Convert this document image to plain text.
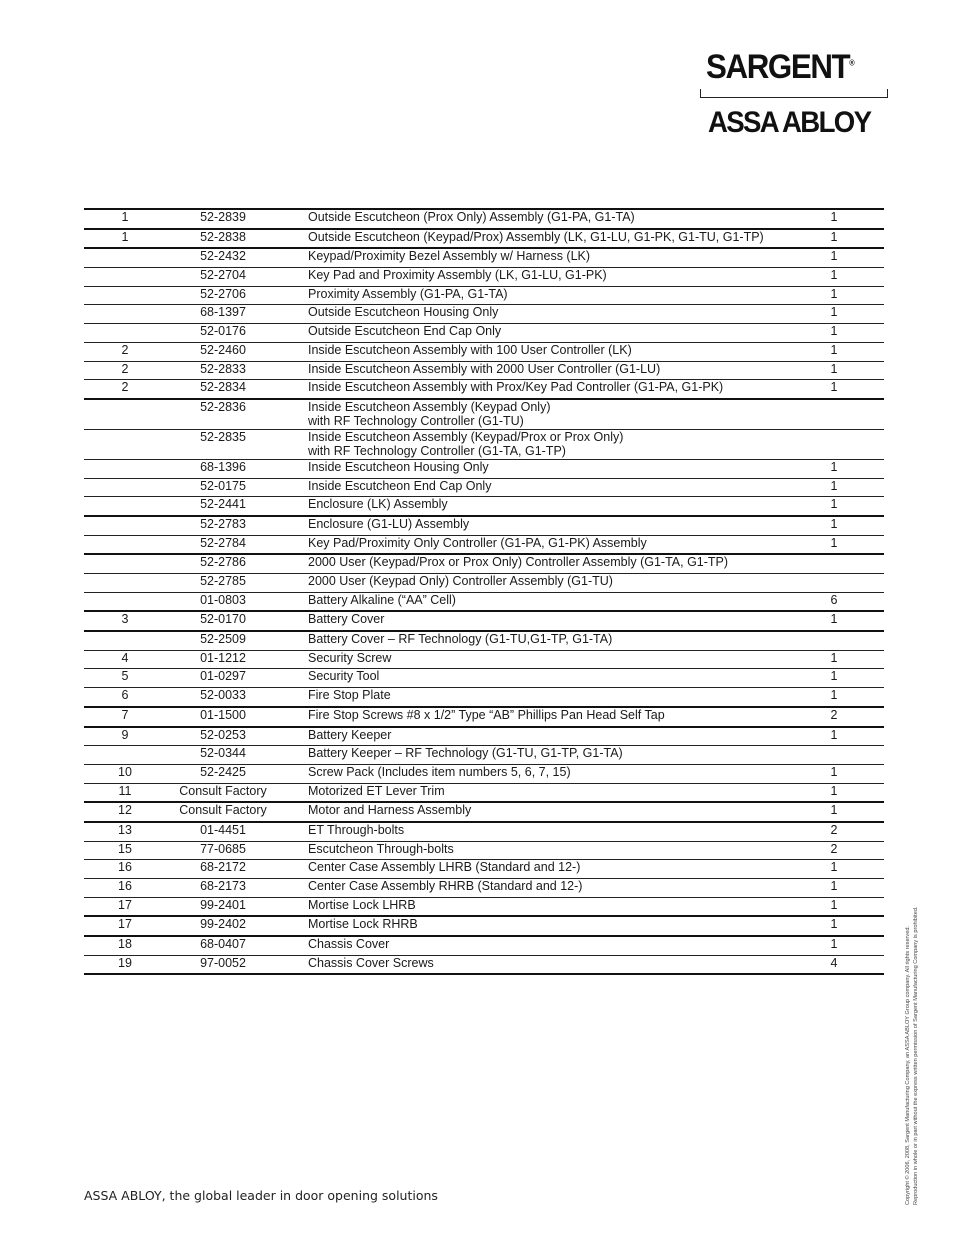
SARGENT®
ASSA ABLOY
1	52-2839	Outside Escutcheon (Prox Only) Assembly (G1-PA, G1-TA)	1
1	52-2838	Outside Escutcheon (Keypad/Prox) Assembly (LK, G1-LU, G1-PK, G1-TU, G1-TP)	1
	52-2432	Keypad/Proximity Bezel Assembly w/ Harness (LK)	1
	52-2704	Key Pad and Proximity Assembly (LK, G1-LU, G1-PK)	1
	52-2706	Proximity Assembly (G1-PA, G1-TA)	1
	68-1397	Outside Escutcheon Housing Only	1
	52-0176	Outside Escutcheon End Cap Only	1
2	52-2460	Inside Escutcheon Assembly with 100 User Controller (LK)	1
2	52-2833	Inside Escutcheon Assembly with 2000 User Controller (G1-LU)	1
2	52-2834	Inside Escutcheon Assembly with Prox/Key Pad Controller (G1-PA, G1-PK)	1
	52-2836	Inside Escutcheon Assembly (Keypad Only)
with RF Technology Controller (G1-TU)	

	52-2835	Inside Escutcheon Assembly (Keypad/Prox or Prox Only)
with RF Technology Controller (G1-TA, G1-TP)	

	68-1396	Inside Escutcheon Housing Only	1
	52-0175	Inside Escutcheon End Cap Only	1
	52-2441	Enclosure (LK) Assembly	1
	52-2783	Enclosure (G1-LU) Assembly	1
	52-2784	Key Pad/Proximity Only Controller (G1-PA, G1-PK) Assembly	1
	52-2786	2000 User (Keypad/Prox or Prox Only) Controller Assembly (G1-TA, G1-TP)	

	52-2785	2000 User (Keypad Only) Controller Assembly (G1-TU)	

	01-0803	Battery Alkaline (“AA” Cell)	6
3	52-0170	Battery Cover	1
	52-2509	Battery Cover – RF Technology (G1-TU,G1-TP, G1-TA)	

4	01-1212	Security Screw	1
5	01-0297	Security Tool	1
6	52-0033	Fire Stop Plate	1
7	01-1500	Fire Stop Screws #8 x 1/2” Type “AB” Phillips Pan Head Self Tap	2
9	52-0253	Battery Keeper	1
	52-0344	Battery Keeper – RF Technology (G1-TU, G1-TP, G1-TA)	

10	52-2425	Screw Pack (Includes item numbers 5, 6, 7, 15)	1
11	Consult Factory	Motorized ET Lever Trim	1
12	Consult Factory	Motor and Harness Assembly	1
13	01-4451	ET Through-bolts	2
15	77-0685	Escutcheon Through-bolts	2
16	68-2172	Center Case Assembly LHRB (Standard and 12-)	1
16	68-2173	Center Case Assembly RHRB (Standard and 12-)	1
17	99-2401	Mortise Lock LHRB	1
17	99-2402	Mortise Lock RHRB	1
18	68-0407	Chassis Cover	1
19	97-0052	Chassis Cover Screws	4
ASSA ABLOY, the global leader in door opening solutions	Copyright © 2006, 2008, Sargent Manufacturing Company, an ASSA ABLOY Group company. All rights reserved. Reproduction in whole or in part without the express written permission of Sargent Manufacturing Company is prohibited.
